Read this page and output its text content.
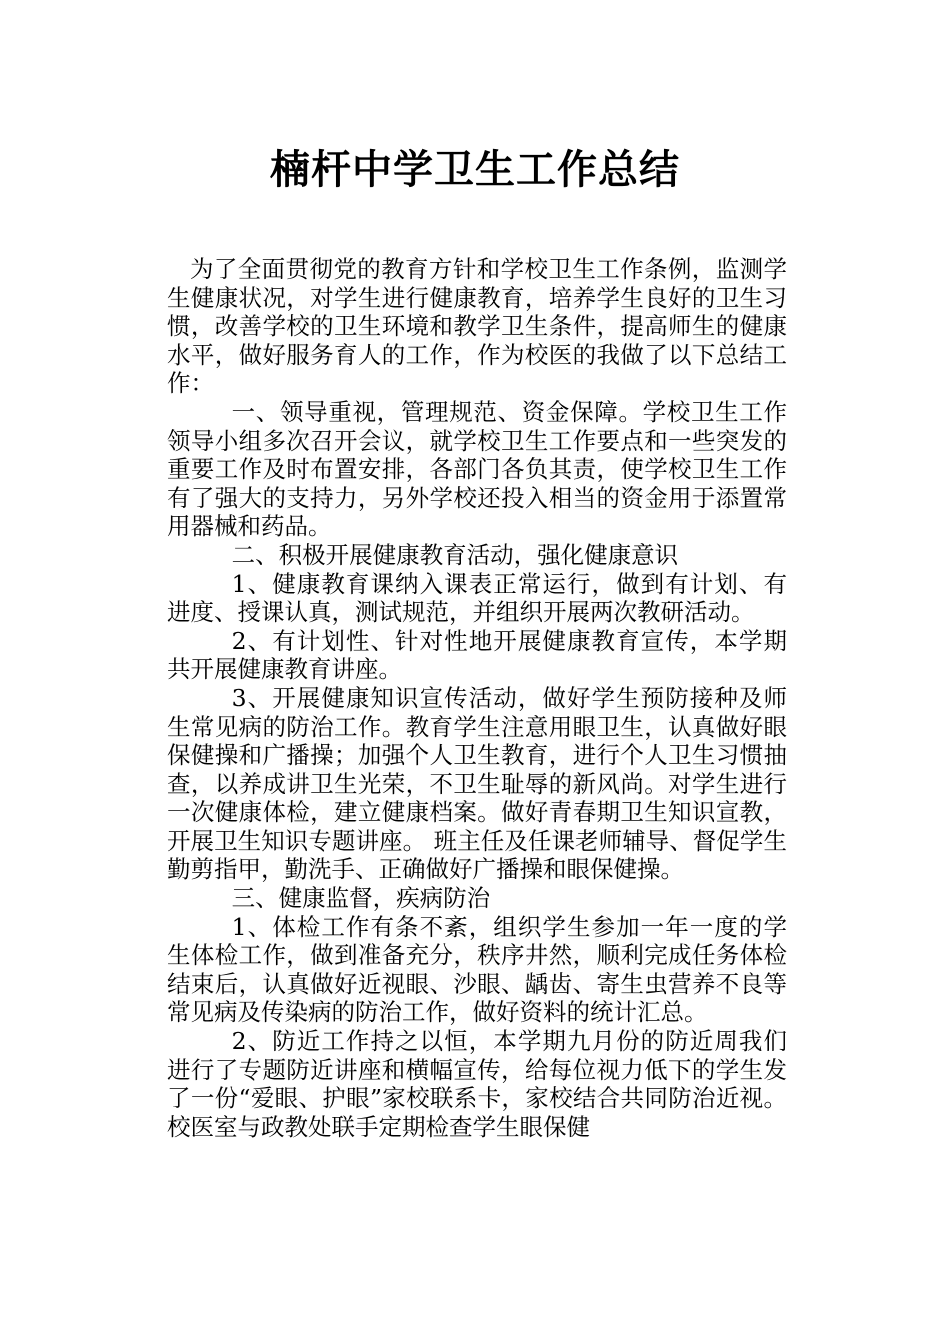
楠杆中学卫生工作总结

为了全面贯彻党的教育方针和学校卫生工作条例，监测学生健康状况，对学生进行健康教育，培养学生良好的卫生习惯，改善学校的卫生环境和教学卫生条件，提高师生的健康水平，做好服务育人的工作，作为校医的我做了以下总结工作：

一、领导重视，管理规范、资金保障。学校卫生工作领导小组多次召开会议，就学校卫生工作要点和一些突发的重要工作及时布置安排，各部门各负其责，使学校卫生工作有了强大的支持力，另外学校还投入相当的资金用于添置常用器械和药品。

二、积极开展健康教育活动，强化健康意识

1、健康教育课纳入课表正常运行，做到有计划、有进度、授课认真，测试规范，并组织开展两次教研活动。

2、有计划性、针对性地开展健康教育宣传，本学期共开展健康教育讲座。

3、开展健康知识宣传活动，做好学生预防接种及师生常见病的防治工作。教育学生注意用眼卫生，认真做好眼保健操和广播操；加强个人卫生教育，进行个人卫生习惯抽查，以养成讲卫生光荣，不卫生耻辱的新风尚。对学生进行一次健康体检，建立健康档案。做好青春期卫生知识宣教，开展卫生知识专题讲座。 班主任及任课老师辅导、督促学生勤剪指甲，勤洗手、正确做好广播操和眼保健操。

三、健康监督，疾病防治

1、体检工作有条不紊，组织学生参加一年一度的学生体检工作，做到准备充分，秩序井然，顺利完成任务体检结束后，认真做好近视眼、沙眼、龋齿、寄生虫营养不良等常见病及传染病的防治工作，做好资料的统计汇总。

2、防近工作持之以恒，本学期九月份的防近周我们进行了专题防近讲座和横幅宣传，给每位视力低下的学生发了一份“爱眼、护眼”家校联系卡，家校结合共同防治近视。校医室与政教处联手定期检查学生眼保健
